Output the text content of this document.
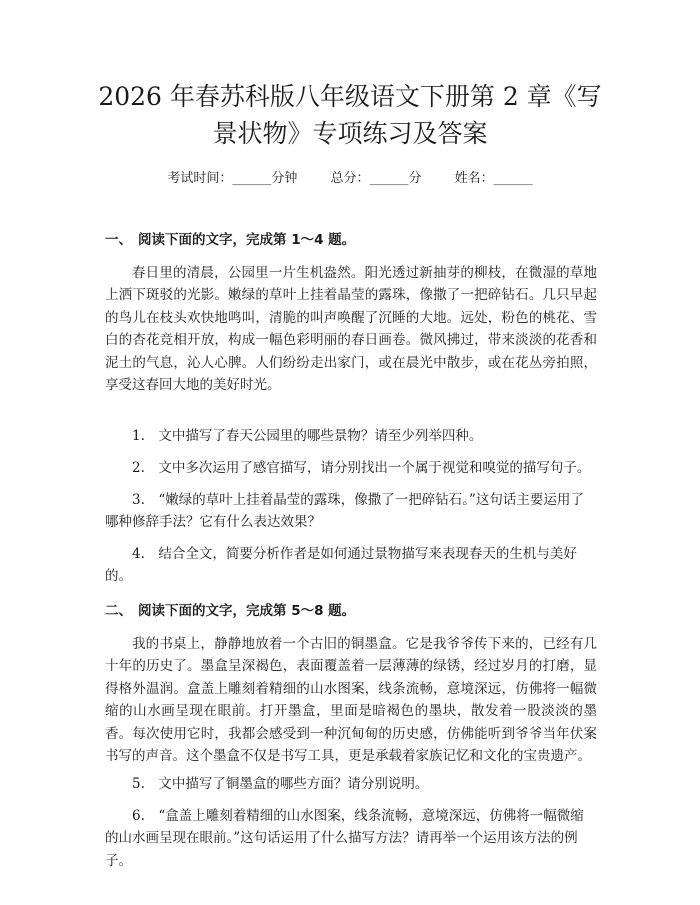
2026 年春苏科版八年级语文下册第 2 章《写
景状物》专项练习及答案
考试时间：______分钟	总分：______分	姓名：______
一、 阅读下面的文字，完成第 1～4 题。

春日里的清晨，公园里一片生机盎然。阳光透过新抽芽的柳枝，在微湿的草地上洒下斑驳的光影。嫩绿的草叶上挂着晶莹的露珠，像撒了一把碎钻石。几只早起的鸟儿在枝头欢快地鸣叫，清脆的叫声唤醒了沉睡的大地。远处，粉色的桃花、雪白的杏花竞相开放，构成一幅色彩明丽的春日画卷。微风拂过，带来淡淡的花香和泥土的气息，沁人心脾。人们纷纷走出家门，或在晨光中散步，或在花丛旁拍照，享受这春回大地的美好时光。

1.　文中描写了春天公园里的哪些景物？请至少列举四种。

2.　文中多次运用了感官描写，请分别找出一个属于视觉和嗅觉的描写句子。

3.　“嫩绿的草叶上挂着晶莹的露珠，像撒了一把碎钻石。”这句话主要运用了哪种修辞手法？它有什么表达效果？

4.　结合全文，简要分析作者是如何通过景物描写来表现春天的生机与美好的。

二、 阅读下面的文字，完成第 5～8 题。

我的书桌上，静静地放着一个古旧的铜墨盒。它是我爷爷传下来的，已经有几十年的历史了。墨盒呈深褐色，表面覆盖着一层薄薄的绿锈，经过岁月的打磨，显得格外温润。盒盖上雕刻着精细的山水图案，线条流畅，意境深远，仿佛将一幅微缩的山水画呈现在眼前。打开墨盒，里面是暗褐色的墨块，散发着一股淡淡的墨香。每次使用它时，我都会感受到一种沉甸甸的历史感，仿佛能听到爷爷当年伏案书写的声音。这个墨盒不仅是书写工具，更是承载着家族记忆和文化的宝贵遗产。

5.　文中描写了铜墨盒的哪些方面？请分别说明。

6.　“盒盖上雕刻着精细的山水图案，线条流畅，意境深远，仿佛将一幅微缩的山水画呈现在眼前。”这句话运用了什么描写方法？请再举一个运用该方法的例子。
